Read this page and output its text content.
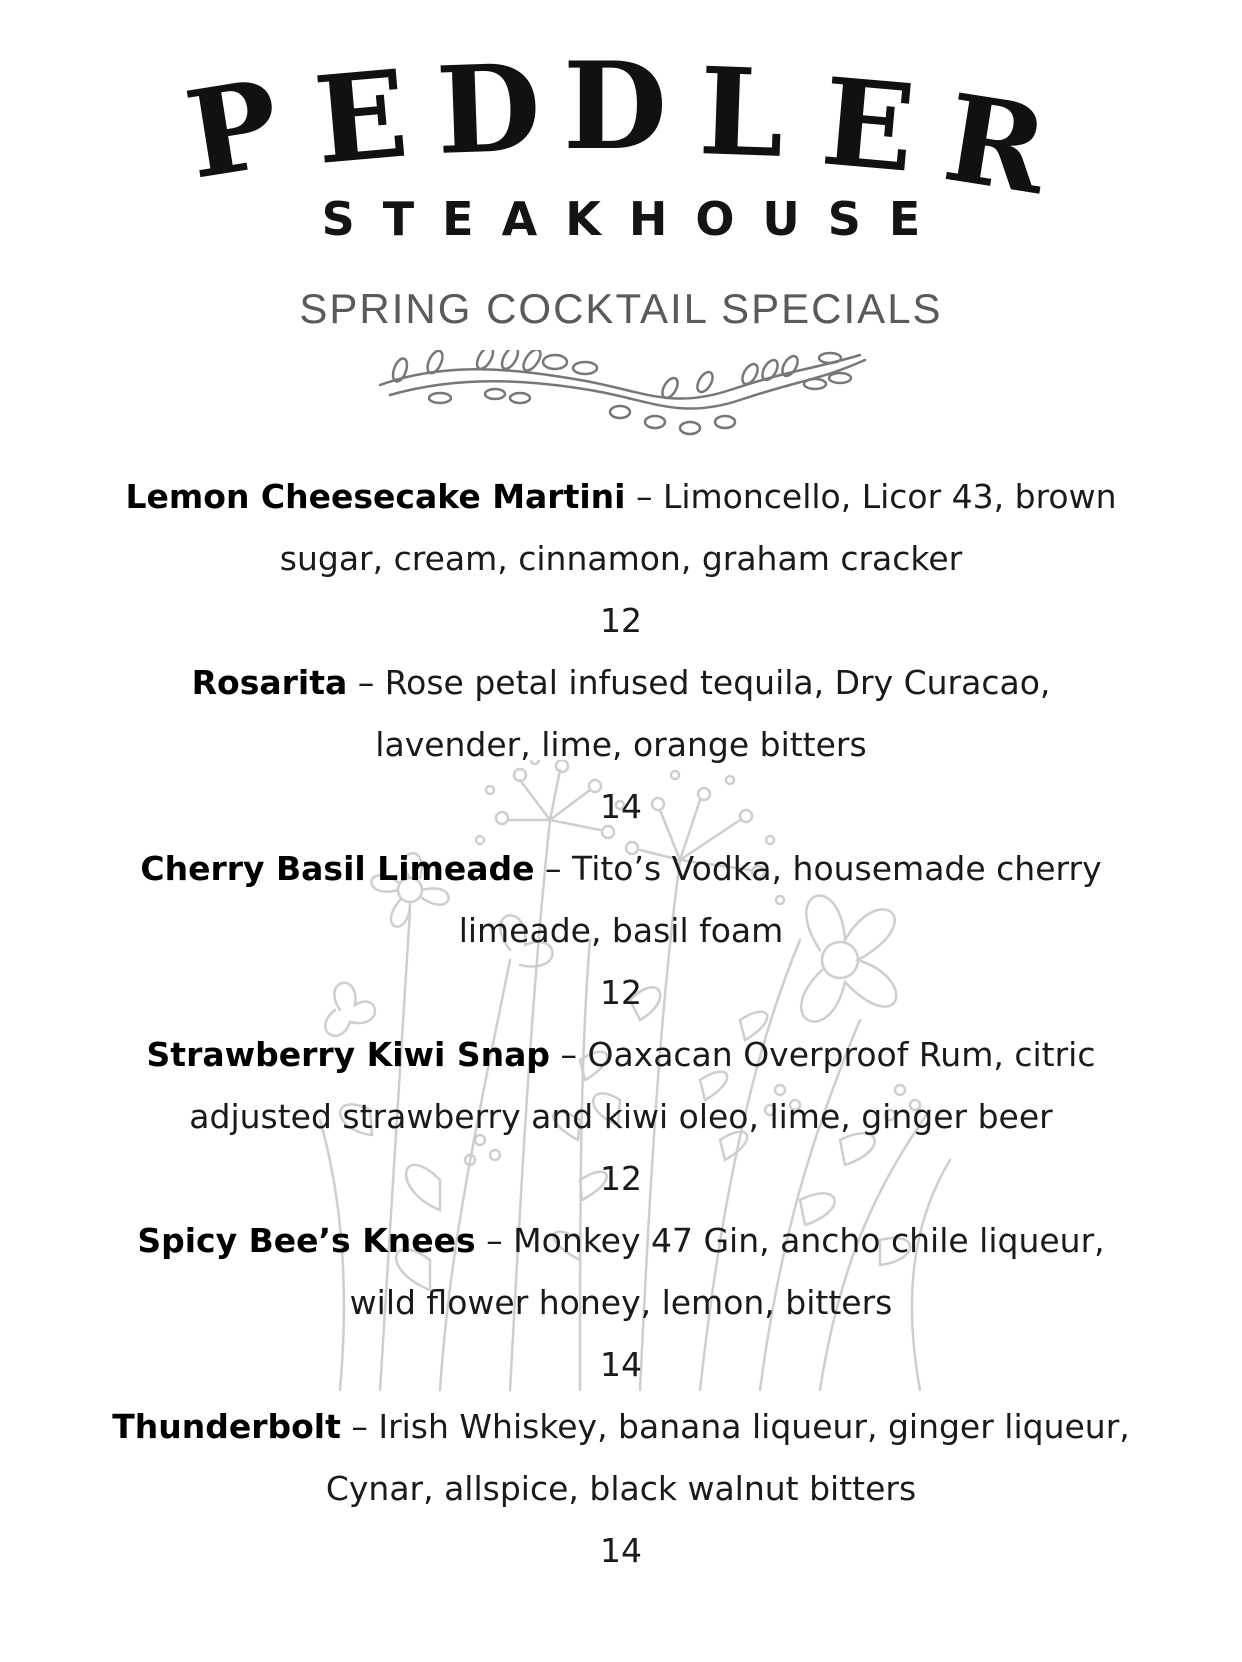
P E D D L E R
STEAKHOUSE
SPRING COCKTAIL SPECIALS
Lemon Cheesecake Martini – Limoncello, Licor 43, brown
sugar, cream, cinnamon, graham cracker
12
Rosarita – Rose petal infused tequila, Dry Curacao,
lavender, lime, orange bitters
14
Cherry Basil Limeade – Tito’s Vodka, housemade cherry
limeade, basil foam
12
Strawberry Kiwi Snap – Oaxacan Overproof Rum, citric
adjusted strawberry and kiwi oleo, lime, ginger beer
12
Spicy Bee’s Knees – Monkey 47 Gin, ancho chile liqueur,
wild flower honey, lemon, bitters
14
Thunderbolt – Irish Whiskey, banana liqueur, ginger liqueur,
Cynar, allspice, black walnut bitters
14
